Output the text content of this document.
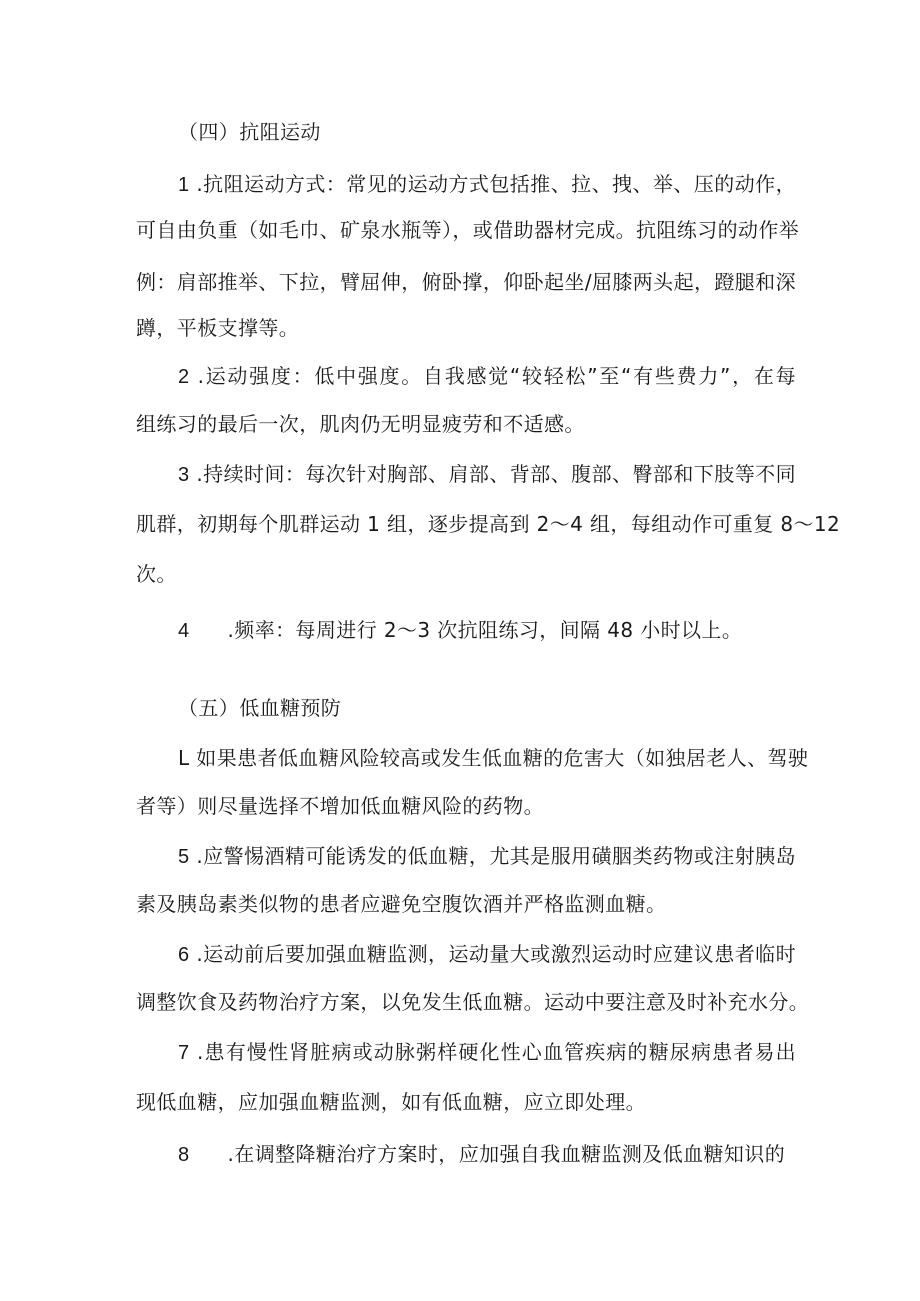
（四）抗阻运动
1 .抗阻运动方式：常见的运动方式包括推、拉、拽、举、压的动作，
可自由负重（如毛巾、矿泉水瓶等），或借助器材完成。抗阻练习的动作举
例：肩部推举、下拉，臂屈伸，俯卧撑，仰卧起坐/屈膝两头起，蹬腿和深
蹲，平板支撑等。
2 .运动强度：低中强度。自我感觉“较轻松”至“有些费力”，在每
组练习的最后一次，肌肉仍无明显疲劳和不适感。
3 .持续时间：每次针对胸部、肩部、背部、腹部、臀部和下肢等不同
肌群，初期每个肌群运动 1 组，逐步提高到 2～4 组，每组动作可重复 8～12
次。
4 .频率：每周进行 2～3 次抗阻练习，间隔 48 小时以上。
（五）低血糖预防
L 如果患者低血糖风险较高或发生低血糖的危害大（如独居老人、驾驶
者等）则尽量选择不增加低血糖风险的药物。
5 .应警惕酒精可能诱发的低血糖，尤其是服用磺胭类药物或注射胰岛
素及胰岛素类似物的患者应避免空腹饮酒并严格监测血糖。
6 .运动前后要加强血糖监测，运动量大或激烈运动时应建议患者临时
调整饮食及药物治疗方案，以免发生低血糖。运动中要注意及时补充水分。
7 .患有慢性肾脏病或动脉粥样硬化性心血管疾病的糖尿病患者易出
现低血糖，应加强血糖监测，如有低血糖，应立即处理。
8 .在调整降糖治疗方案时，应加强自我血糖监测及低血糖知识的
